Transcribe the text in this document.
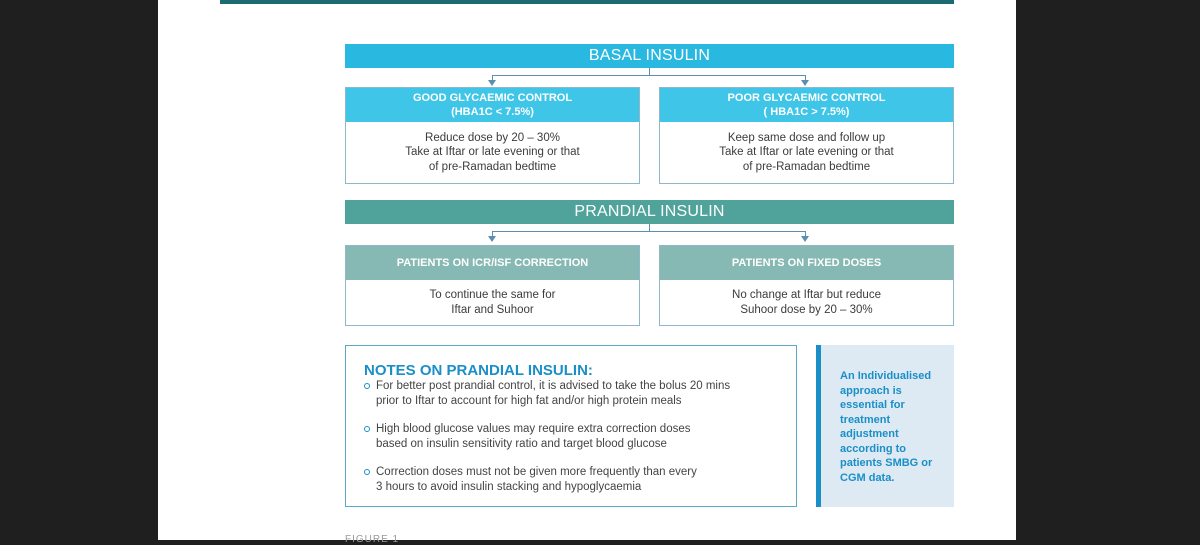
BASAL INSULIN
GOOD GLYCAEMIC CONTROL
(HBA1C < 7.5%)
Reduce dose by 20 – 30%
Take at Iftar or late evening or that
of pre-Ramadan bedtime
POOR GLYCAEMIC CONTROL
( HBA1C > 7.5%)
Keep same dose and follow up
Take at Iftar or late evening or that
of pre-Ramadan bedtime
PRANDIAL INSULIN
PATIENTS ON ICR/ISF CORRECTION
To continue the same for
Iftar and Suhoor
PATIENTS ON FIXED DOSES
No change at Iftar but reduce
Suhoor dose by 20 – 30%
NOTES ON PRANDIAL INSULIN:
For better post prandial control, it is advised to take the bolus 20 mins
prior to Iftar to account for high fat and/or high protein meals
High blood glucose values may require extra correction doses
based on insulin sensitivity ratio and target blood glucose
Correction doses must not be given more frequently than every
3 hours to avoid insulin stacking and hypoglycaemia
An Individualised approach is essential for treatment adjustment according to patients SMBG or CGM data.
FIGURE 1
